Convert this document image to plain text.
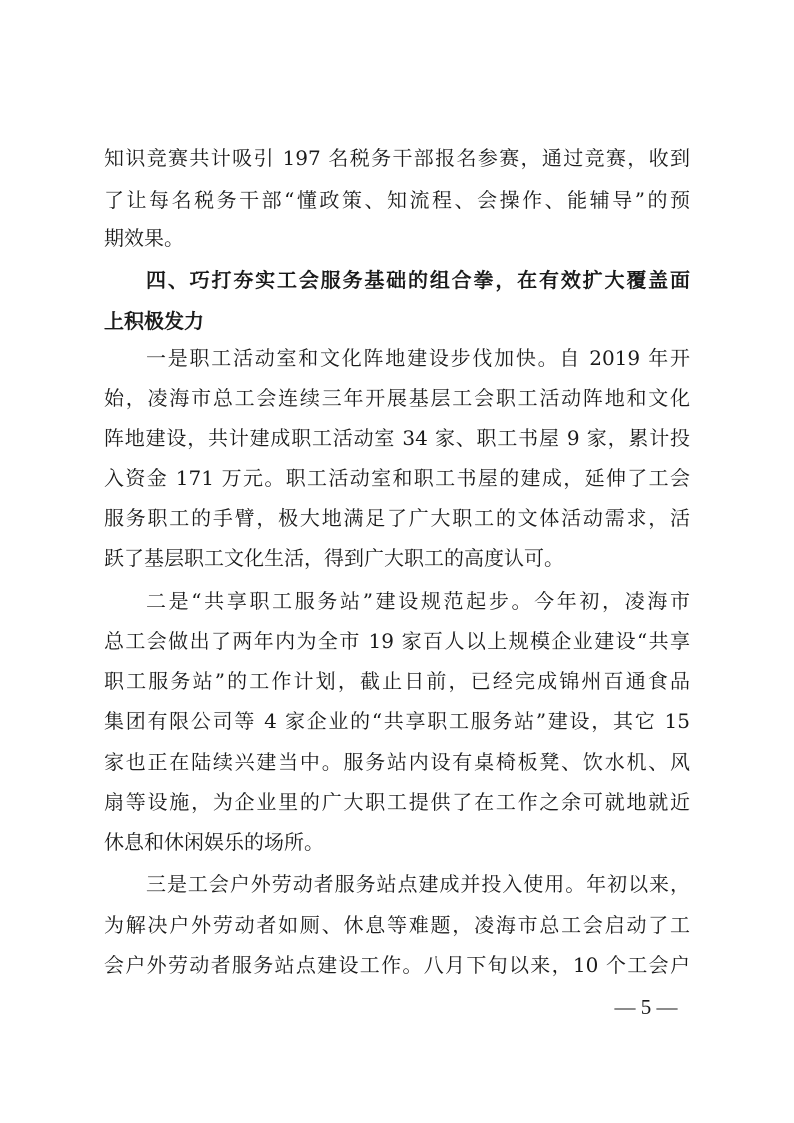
知识竞赛共计吸引 197 名税务干部报名参赛，通过竞赛，收到
了让每名税务干部“懂政策、知流程、会操作、能辅导”的预
期效果。
四、巧打夯实工会服务基础的组合拳，在有效扩大覆盖面
上积极发力
一是职工活动室和文化阵地建设步伐加快。自 2019 年开
始，凌海市总工会连续三年开展基层工会职工活动阵地和文化
阵地建设，共计建成职工活动室 34 家、职工书屋 9 家，累计投
入资金 171 万元。职工活动室和职工书屋的建成，延伸了工会
服务职工的手臂，极大地满足了广大职工的文体活动需求，活
跃了基层职工文化生活，得到广大职工的高度认可。
二是“共享职工服务站”建设规范起步。今年初，凌海市
总工会做出了两年内为全市 19 家百人以上规模企业建设“共享
职工服务站”的工作计划，截止日前，已经完成锦州百通食品
集团有限公司等 4 家企业的“共享职工服务站”建设，其它 15
家也正在陆续兴建当中。服务站内设有桌椅板凳、饮水机、风
扇等设施，为企业里的广大职工提供了在工作之余可就地就近
休息和休闲娱乐的场所。
三是工会户外劳动者服务站点建成并投入使用。年初以来，
为解决户外劳动者如厕、休息等难题，凌海市总工会启动了工
会户外劳动者服务站点建设工作。八月下旬以来，10 个工会户
— 5 —
